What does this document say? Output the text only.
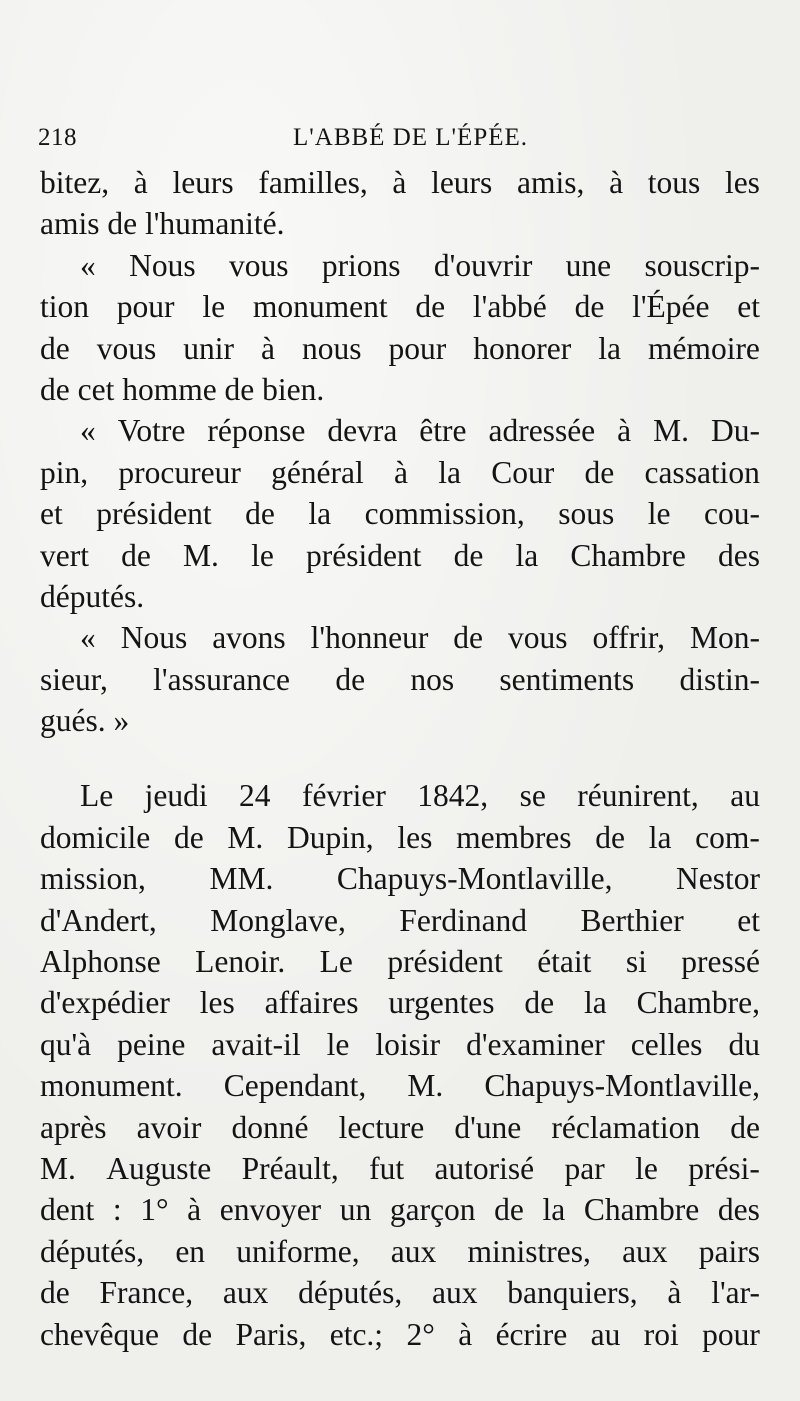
218	L'ABBÉ DE L'ÉPÉE.
bitez, à leurs familles, à leurs amis, à tous les
amis de l'humanité.
« Nous vous prions d'ouvrir une souscrip-
tion pour le monument de l'abbé de l'Épée et
de vous unir à nous pour honorer la mémoire
de cet homme de bien.
« Votre réponse devra être adressée à M. Du-
pin, procureur général à la Cour de cassation
et président de la commission, sous le cou-
vert de M. le président de la Chambre des
députés.
« Nous avons l'honneur de vous offrir, Mon-
sieur, l'assurance de nos sentiments distin-
gués. »
Le jeudi 24 février 1842, se réunirent, au
domicile de M. Dupin, les membres de la com-
mission, MM. Chapuys-Montlaville, Nestor
d'Andert, Monglave, Ferdinand Berthier et
Alphonse Lenoir. Le président était si pressé
d'expédier les affaires urgentes de la Chambre,
qu'à peine avait-il le loisir d'examiner celles du
monument. Cependant, M. Chapuys-Montlaville,
après avoir donné lecture d'une réclamation de
M. Auguste Préault, fut autorisé par le prési-
dent : 1° à envoyer un garçon de la Chambre des
députés, en uniforme, aux ministres, aux pairs
de France, aux députés, aux banquiers, à l'ar-
chevêque de Paris, etc.; 2° à écrire au roi pour
